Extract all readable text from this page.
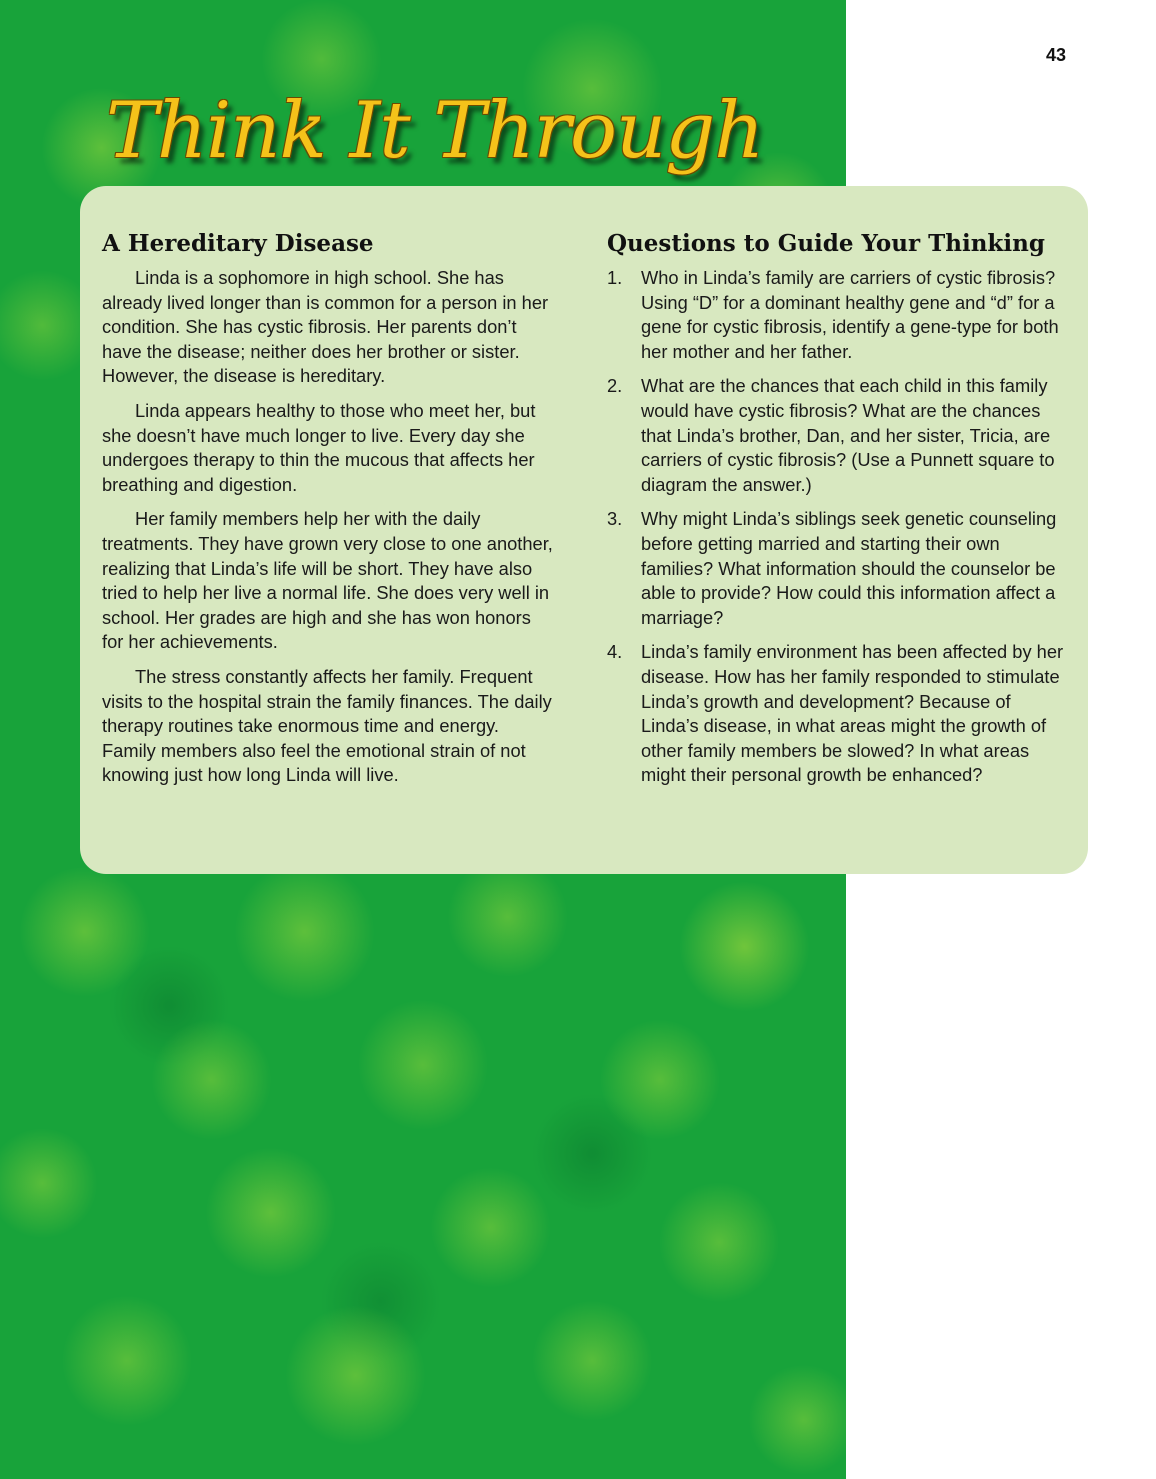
43
Think It Through
A Hereditary Disease

Linda is a sophomore in high school. She has already lived longer than is common for a person in her condition. She has cystic fibrosis. Her parents don’t have the disease; neither does her brother or sister. However, the disease is hereditary.

Linda appears healthy to those who meet her, but she doesn’t have much longer to live. Every day she undergoes therapy to thin the mucous that affects her breathing and digestion.

Her family members help her with the daily treatments. They have grown very close to one another, realizing that Linda’s life will be short. They have also tried to help her live a normal life. She does very well in school. Her grades are high and she has won honors for her achievements.

The stress constantly affects her family. Frequent visits to the hospital strain the family finances. The daily therapy routines take enormous time and energy. Family members also feel the emotional strain of not knowing just how long Linda will live.

Questions to Guide Your Thinking
1. Who in Linda’s family are carriers of cystic fibrosis? Using “D” for a dominant healthy gene and “d” for a gene for cystic fibrosis, identify a gene-type for both her mother and her father.
2. What are the chances that each child in this family would have cystic fibrosis? What are the chances that Linda’s brother, Dan, and her sister, Tricia, are carriers of cystic fibrosis? (Use a Punnett square to diagram the answer.)
3. Why might Linda’s siblings seek genetic counseling before getting married and starting their own families? What information should the counselor be able to provide? How could this information affect a marriage?
4. Linda’s family environment has been affected by her disease. How has her family responded to stimulate Linda’s growth and development? Because of Linda’s disease, in what areas might the growth of other family members be slowed? In what areas might their personal growth be enhanced?
